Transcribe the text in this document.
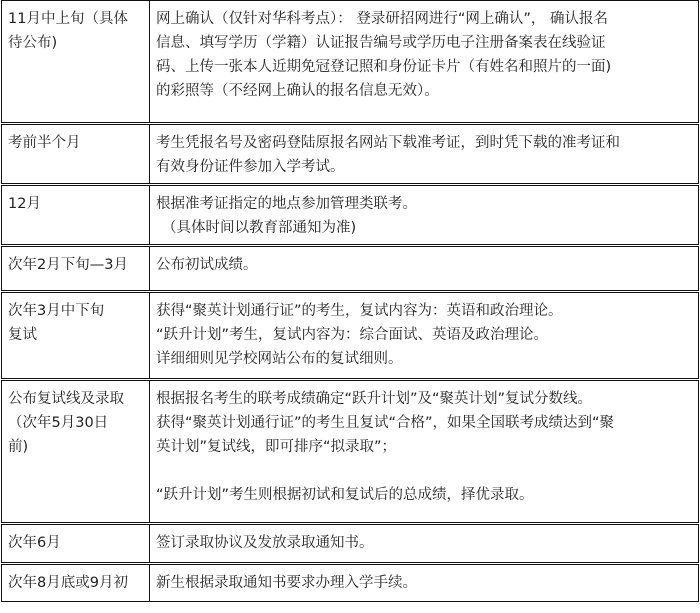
11月中上旬（具体
待公布)	网上确认（仅针对华科考点）： 登录研招网进行“网上确认”， 确认报名
信息、填写学历（学籍）认证报告编号或学历电子注册备案表在线验证
码、上传一张本人近期免冠登记照和身份证卡片（有姓名和照片的一面)
的彩照等（不经网上确认的报名信息无效）。

考前半个月	考生凭报名号及密码登陆原报名网站下载准考证，到时凭下载的准考证和
有效身份证件参加入学考试。

12月	根据准考证指定的地点参加管理类联考。
（具体时间以教育部通知为准)

次年2月下旬—3月	公布初试成绩。

次年3月中下旬
复试	获得“聚英计划通行证”的考生，复试内容为：英语和政治理论。
“跃升计划”考生，复试内容为：综合面试、英语及政治理论。
详细细则见学校网站公布的复试细则。

公布复试线及录取
（次年5月30日
前)	根据报名考生的联考成绩确定“跃升计划”及“聚英计划”复试分数线。
获得“聚英计划通行证”的考生且复试“合格”，如果全国联考成绩达到“聚
英计划”复试线，即可排序“拟录取”；
“跃升计划”考生则根据初试和复试后的总成绩，择优录取。

次年6月	签订录取协议及发放录取通知书。

次年8月底或9月初	新生根据录取通知书要求办理入学手续。
